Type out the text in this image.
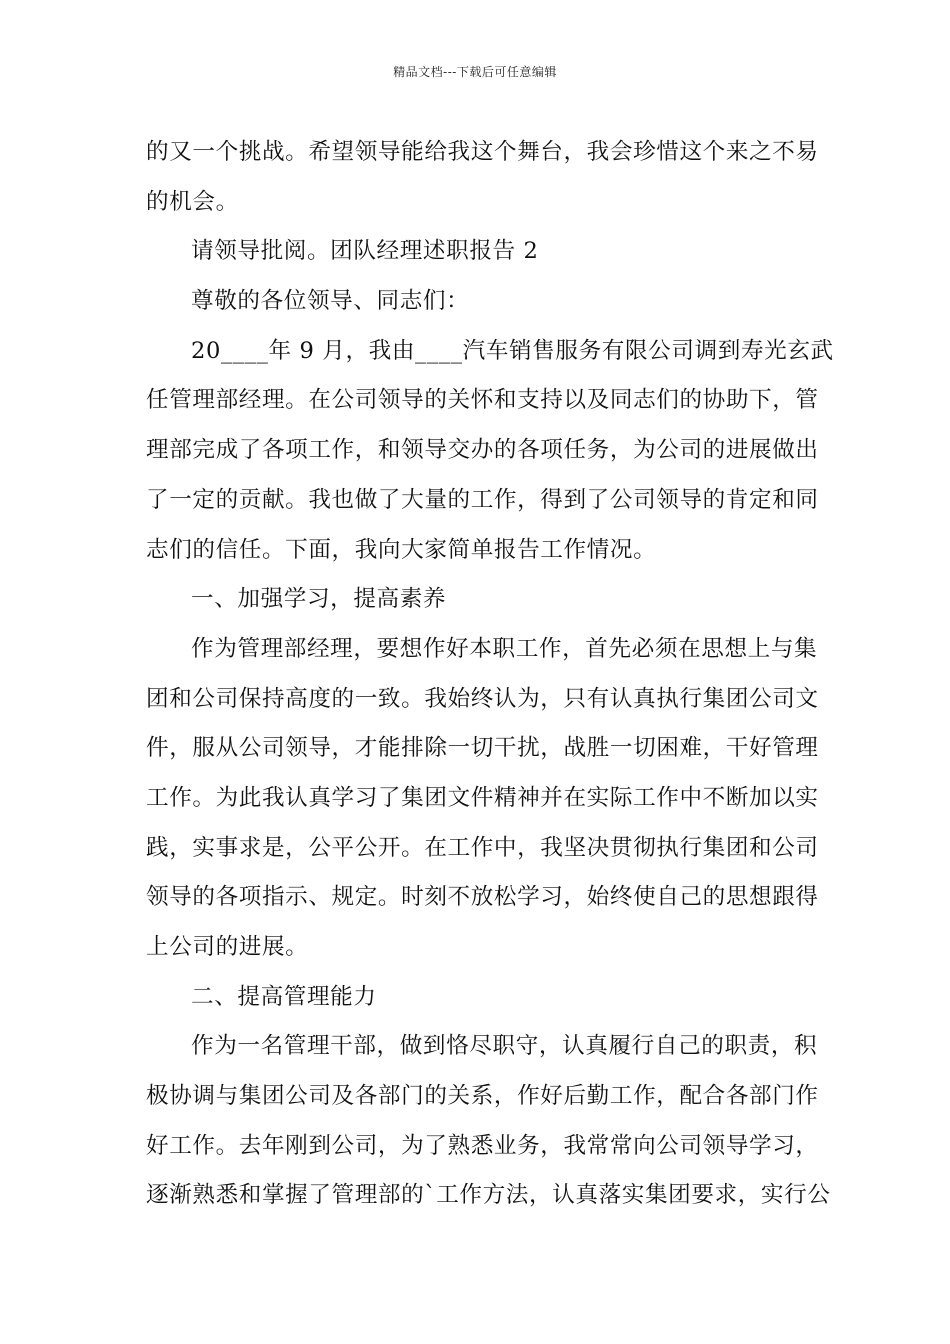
精品文档---下载后可任意编辑
的又一个挑战。希望领导能给我这个舞台，我会珍惜这个来之不易
的机会。
请领导批阅。团队经理述职报告 2
尊敬的各位领导、同志们：
20____年 9 月，我由____汽车销售服务有限公司调到寿光玄武
任管理部经理。在公司领导的关怀和支持以及同志们的协助下，管
理部完成了各项工作，和领导交办的各项任务，为公司的进展做出
了一定的贡献。我也做了大量的工作，得到了公司领导的肯定和同
志们的信任。下面，我向大家简单报告工作情况。
一、加强学习，提高素养
作为管理部经理，要想作好本职工作，首先必须在思想上与集
团和公司保持高度的一致。我始终认为，只有认真执行集团公司文
件，服从公司领导，才能排除一切干扰，战胜一切困难，干好管理
工作。为此我认真学习了集团文件精神并在实际工作中不断加以实
践，实事求是，公平公开。在工作中，我坚决贯彻执行集团和公司
领导的各项指示、规定。时刻不放松学习，始终使自己的思想跟得
上公司的进展。
二、提高管理能力
作为一名管理干部，做到恪尽职守，认真履行自己的职责，积
极协调与集团公司及各部门的关系，作好后勤工作，配合各部门作
好工作。去年刚到公司，为了熟悉业务，我常常向公司领导学习，
逐渐熟悉和掌握了管理部的`工作方法，认真落实集团要求，实行公
